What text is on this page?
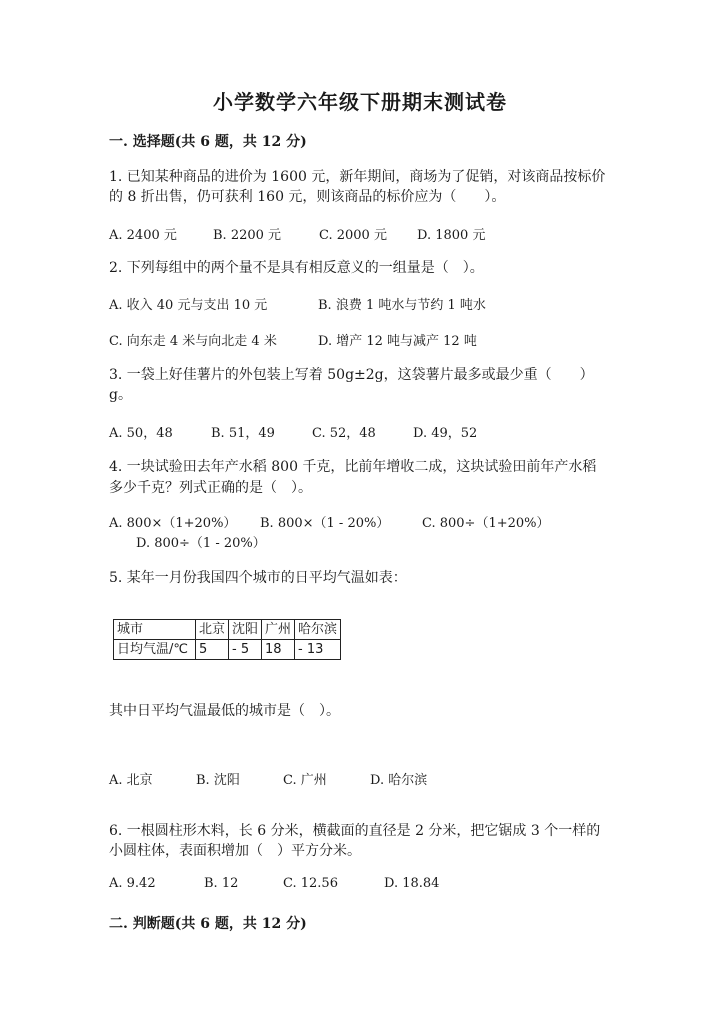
小学数学六年级下册期末测试卷
一. 选择题(共 6 题，共 12 分)
1. 已知某种商品的进价为 1600 元，新年期间，商场为了促销，对该商品按标价
的 8 折出售，仍可获利 160 元，则该商品的标价应为（　　）。
A. 2400 元	B. 2200 元	C. 2000 元 D. 1800 元
2. 下列每组中的两个量不是具有相反意义的一组量是（　）。
A. 收入 40 元与支出 10 元	B. 浪费 1 吨水与节约 1 吨水
C. 向东走 4 米与向北走 4 米	D. 增产 12 吨与减产 12 吨
3. 一袋上好佳薯片的外包装上写着 50g±2g，这袋薯片最多或最少重（　　）
g。
A. 50，48	B. 51，49	C. 52，48	D. 49，52
4. 一块试验田去年产水稻 800 千克，比前年增收二成，这块试验田前年产水稻
多少千克？列式正确的是（　）。
A. 800×（1+20%） B. 800×（1 - 20%）	C. 800÷（1+20%）
D. 800÷（1 - 20%）
5. 某年一月份我国四个城市的日平均气温如表：
城市	北京	沈阳	广州	哈尔滨
日均气温/℃	5	- 5	18	- 13
其中日平均气温最低的城市是（　）。
A. 北京	B. 沈阳	C. 广州	D. 哈尔滨
6. 一根圆柱形木料，长 6 分米，横截面的直径是 2 分米，把它锯成 3 个一样的
小圆柱体，表面积增加（　）平方分米。
A. 9.42	B. 12	C. 12.56	D. 18.84
二. 判断题(共 6 题，共 12 分)
